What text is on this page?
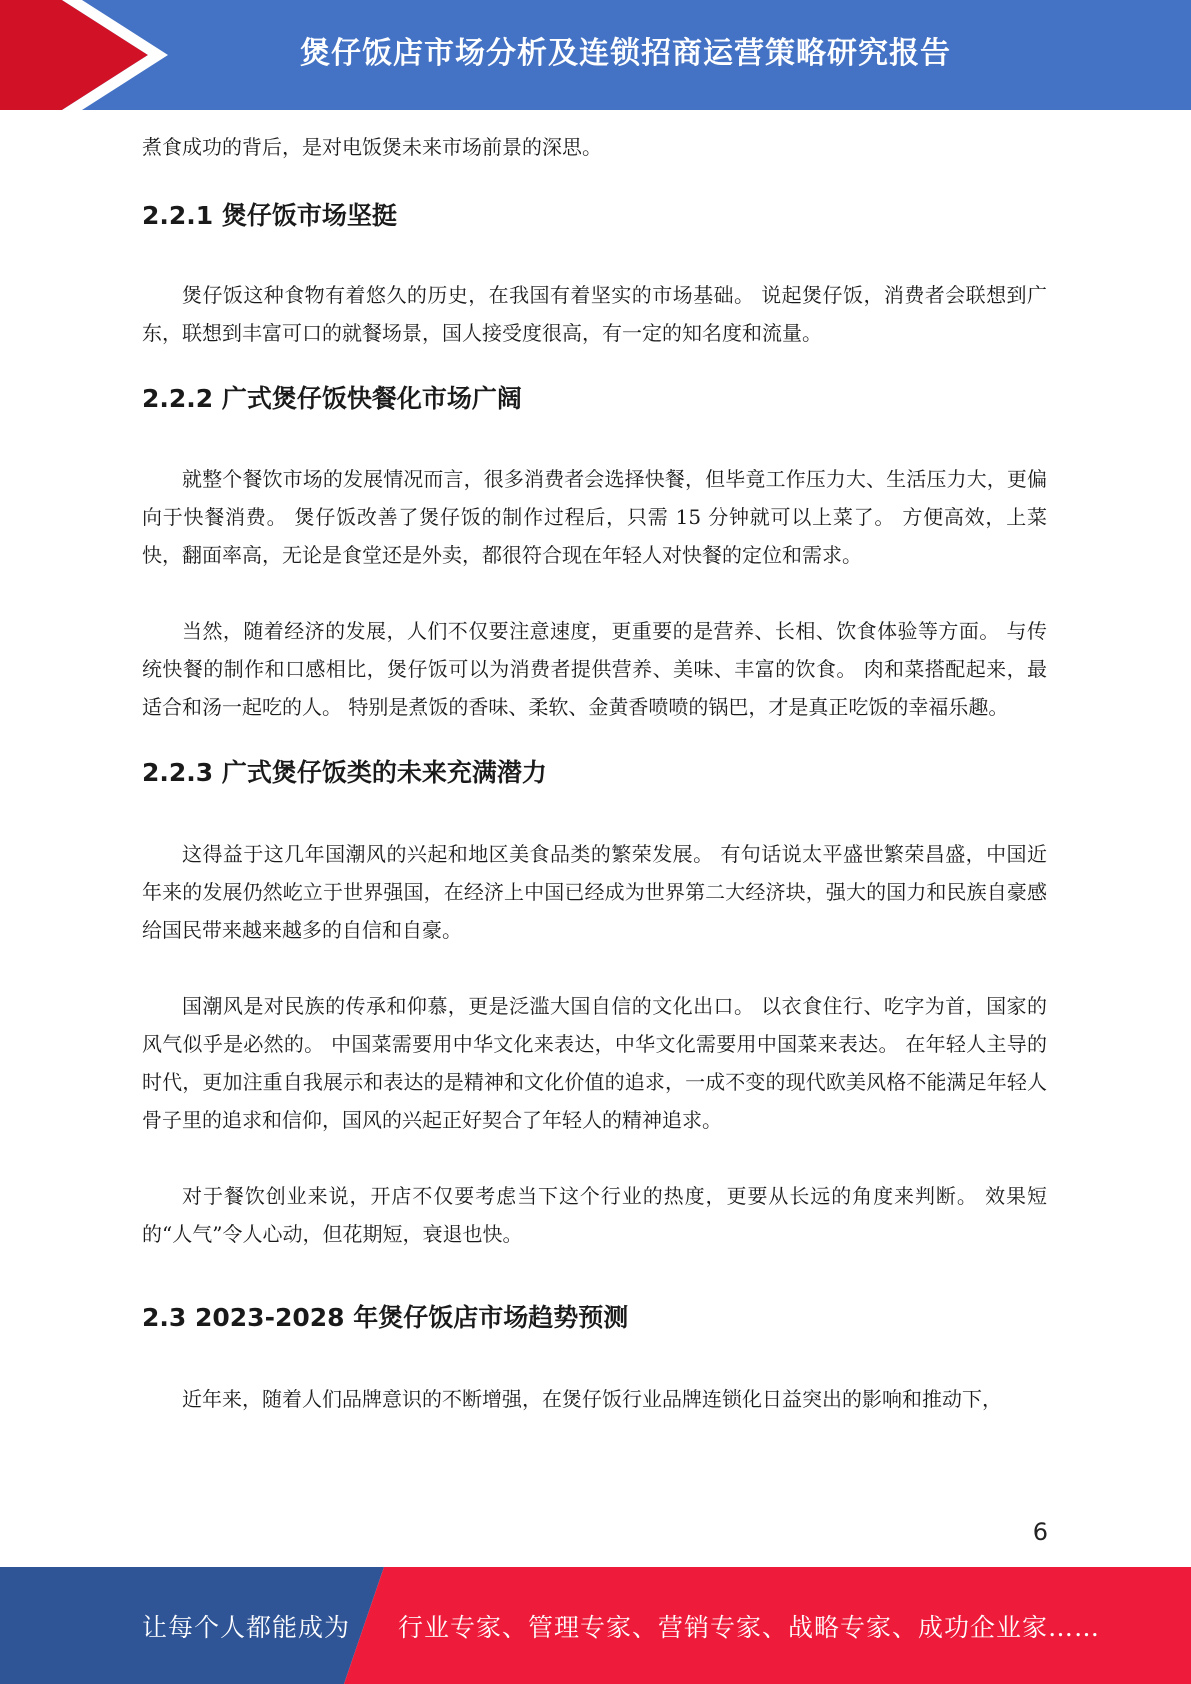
煲仔饭店市场分析及连锁招商运营策略研究报告

煮食成功的背后，是对电饭煲未来市场前景的深思。

2.2.1 煲仔饭市场坚挺

煲仔饭这种食物有着悠久的历史，在我国有着坚实的市场基础。 说起煲仔饭，消费者会联想到广东，联想到丰富可口的就餐场景，国人接受度很高，有一定的知名度和流量。

2.2.2 广式煲仔饭快餐化市场广阔

就整个餐饮市场的发展情况而言，很多消费者会选择快餐，但毕竟工作压力大、生活压力大，更偏向于快餐消费。 煲仔饭改善了煲仔饭的制作过程后，只需 15 分钟就可以上菜了。 方便高效，上菜快，翻面率高，无论是食堂还是外卖，都很符合现在年轻人对快餐的定位和需求。

当然，随着经济的发展，人们不仅要注意速度，更重要的是营养、长相、饮食体验等方面。 与传统快餐的制作和口感相比，煲仔饭可以为消费者提供营养、美味、丰富的饮食。 肉和菜搭配起来，最适合和汤一起吃的人。 特别是煮饭的香味、柔软、金黄香喷喷的锅巴，才是真正吃饭的幸福乐趣。

2.2.3 广式煲仔饭类的未来充满潜力

这得益于这几年国潮风的兴起和地区美食品类的繁荣发展。 有句话说太平盛世繁荣昌盛，中国近年来的发展仍然屹立于世界强国，在经济上中国已经成为世界第二大经济块，强大的国力和民族自豪感给国民带来越来越多的自信和自豪。

国潮风是对民族的传承和仰慕，更是泛滥大国自信的文化出口。 以衣食住行、吃字为首，国家的风气似乎是必然的。 中国菜需要用中华文化来表达，中华文化需要用中国菜来表达。 在年轻人主导的时代，更加注重自我展示和表达的是精神和文化价值的追求，一成不变的现代欧美风格不能满足年轻人骨子里的追求和信仰，国风的兴起正好契合了年轻人的精神追求。

对于餐饮创业来说，开店不仅要考虑当下这个行业的热度，更要从长远的角度来判断。 效果短的“人气”令人心动，但花期短，衰退也快。

2.3 2023-2028 年煲仔饭店市场趋势预测

近年来，随着人们品牌意识的不断增强，在煲仔饭行业品牌连锁化日益突出的影响和推动下，

6
让每个人都能成为 行业专家、管理专家、营销专家、战略专家、成功企业家……
